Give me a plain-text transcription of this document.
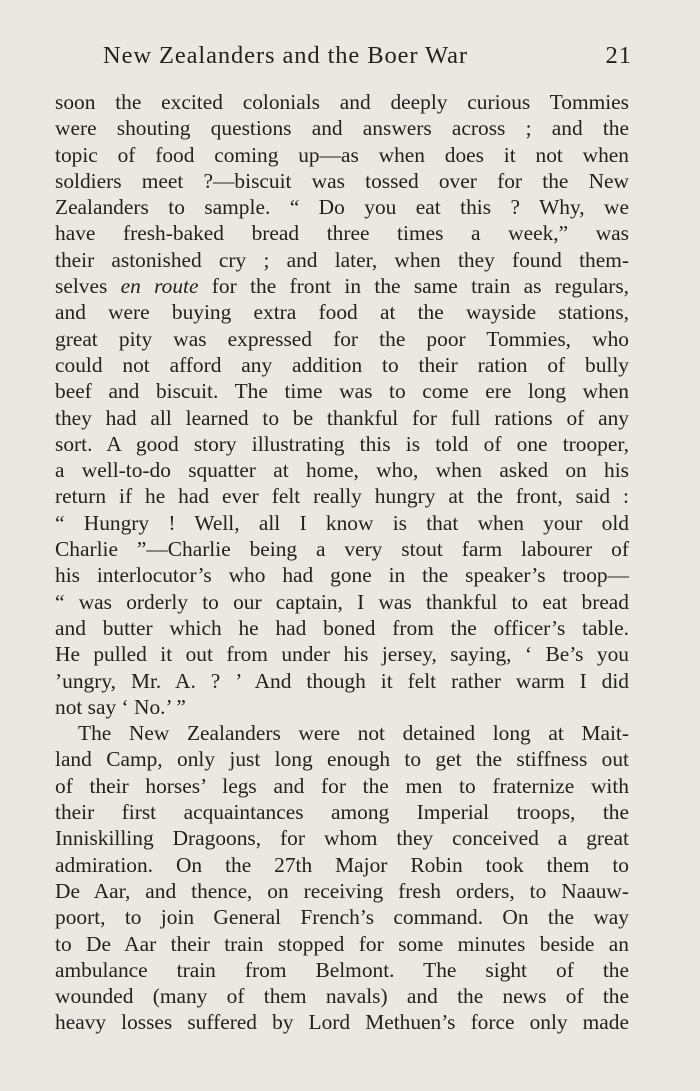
New Zealanders and the Boer War	21
soon the excited colonials and deeply curious Tommies
were shouting questions and answers across ; and the
topic of food coming up—as when does it not when
soldiers meet ?—biscuit was tossed over for the New
Zealanders to sample. “ Do you eat this ? Why, we
have fresh-baked bread three times a week,” was
their astonished cry ; and later, when they found them-
selves en route for the front in the same train as regulars,
and were buying extra food at the wayside stations,
great pity was expressed for the poor Tommies, who
could not afford any addition to their ration of bully
beef and biscuit. The time was to come ere long when
they had all learned to be thankful for full rations of any
sort. A good story illustrating this is told of one trooper,
a well-to-do squatter at home, who, when asked on his
return if he had ever felt really hungry at the front, said :
“ Hungry ! Well, all I know is that when your old
Charlie ”—Charlie being a very stout farm labourer of
his interlocutor’s who had gone in the speaker’s troop—
“ was orderly to our captain, I was thankful to eat bread
and butter which he had boned from the officer’s table.
He pulled it out from under his jersey, saying, ‘ Be’s you
’ungry, Mr. A. ? ’ And though it felt rather warm I did
not say ‘ No.’ ”
The New Zealanders were not detained long at Mait-
land Camp, only just long enough to get the stiffness out
of their horses’ legs and for the men to fraternize with
their first acquaintances among Imperial troops, the
Inniskilling Dragoons, for whom they conceived a great
admiration. On the 27th Major Robin took them to
De Aar, and thence, on receiving fresh orders, to Naauw-
poort, to join General French’s command. On the way
to De Aar their train stopped for some minutes beside an
ambulance train from Belmont. The sight of the
wounded (many of them navals) and the news of the
heavy losses suffered by Lord Methuen’s force only made
